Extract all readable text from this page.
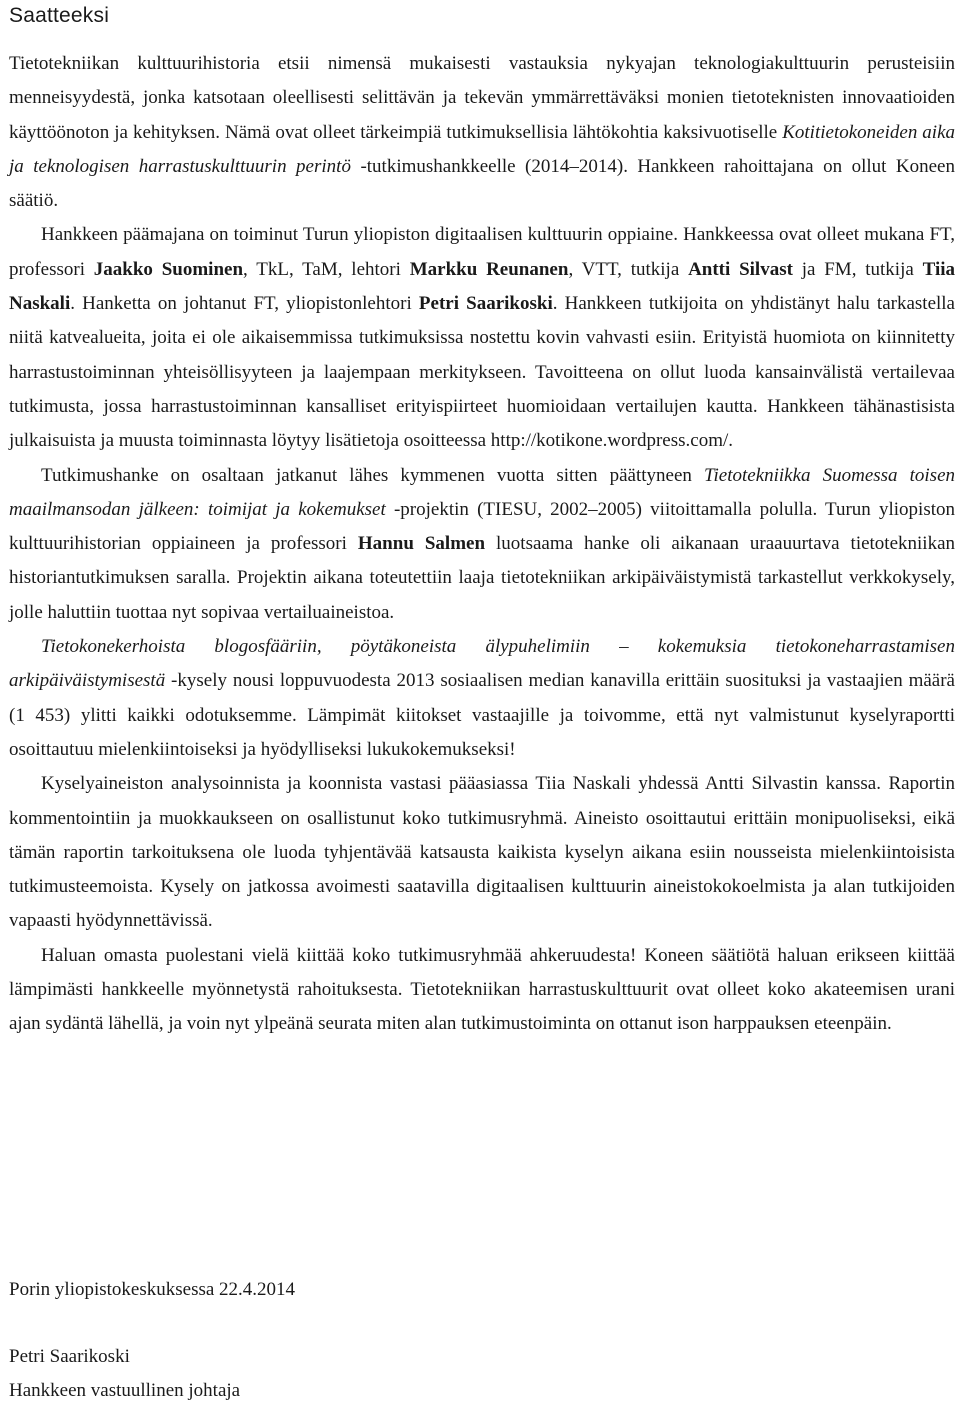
Saatteeksi

Tietotekniikan kulttuurihistoria etsii nimensä mukaisesti vastauksia nykyajan teknologiakulttuurin perusteisiin menneisyydestä, jonka katsotaan oleellisesti selittävän ja tekevän ymmärrettäväksi monien tietoteknisten innovaatioiden käyttöönoton ja kehityksen. Nämä ovat olleet tärkeimpiä tutkimuksellisia lähtökohtia kaksivuotiselle Kotitietokoneiden aika ja teknologisen harrastuskulttuurin perintö -tutkimushankkeelle (2014–2014). Hankkeen rahoittajana on ollut Koneen säätiö.

Hankkeen päämajana on toiminut Turun yliopiston digitaalisen kulttuurin oppiaine. Hankkeessa ovat olleet mukana FT, professori Jaakko Suominen, TkL, TaM, lehtori Markku Reunanen, VTT, tutkija Antti Silvast ja FM, tutkija Tiia Naskali. Hanketta on johtanut FT, yliopistonlehtori Petri Saarikoski. Hankkeen tutkijoita on yhdistänyt halu tarkastella niitä katvealueita, joita ei ole aikaisemmissa tutkimuksissa nostettu kovin vahvasti esiin. Erityistä huomiota on kiinnitetty harrastustoiminnan yhteisöllisyyteen ja laajempaan merkitykseen. Tavoitteena on ollut luoda kansainvälistä vertailevaa tutkimusta, jossa harrastustoiminnan kansalliset erityispiirteet huomioidaan vertailujen kautta. Hankkeen tähänastisista julkaisuista ja muusta toiminnasta löytyy lisätietoja osoitteessa http://kotikone.wordpress.com/.

Tutkimushanke on osaltaan jatkanut lähes kymmenen vuotta sitten päättyneen Tietotekniikka Suomessa toisen maailmansodan jälkeen: toimijat ja kokemukset -projektin (TIESU, 2002–2005) viitoittamalla polulla. Turun yliopiston kulttuurihistorian oppiaineen ja professori Hannu Salmen luotsaama hanke oli aikanaan uraauurtava tietotekniikan historiantutkimuksen saralla. Projektin aikana toteutettiin laaja tietotekniikan arkipäiväistymistä tarkastellut verkkokysely, jolle haluttiin tuottaa nyt sopivaa vertailuaineistoa.

Tietokonekerhoista blogosfääriin, pöytäkoneista älypuhelimiin – kokemuksia tietokoneharrastamisen arkipäiväistymisestä -kysely nousi loppuvuodesta 2013 sosiaalisen median kanavilla erittäin suosituksi ja vastaajien määrä (1 453) ylitti kaikki odotuksemme. Lämpimät kiitokset vastaajille ja toivomme, että nyt valmistunut kyselyraportti osoittautuu mielenkiintoiseksi ja hyödylliseksi lukukokemukseksi!

Kyselyaineiston analysoinnista ja koonnista vastasi pääasiassa Tiia Naskali yhdessä Antti Silvastin kanssa. Raportin kommentointiin ja muokkaukseen on osallistunut koko tutkimusryhmä. Aineisto osoittautui erittäin monipuoliseksi, eikä tämän raportin tarkoituksena ole luoda tyhjentävää katsausta kaikista kyselyn aikana esiin nousseista mielenkiintoisista tutkimusteemoista. Kysely on jatkossa avoimesti saatavilla digitaalisen kulttuurin aineistokokoelmista ja alan tutkijoiden vapaasti hyödynnettävissä.

Haluan omasta puolestani vielä kiittää koko tutkimusryhmää ahkeruudesta! Koneen säätiötä haluan erikseen kiittää lämpimästi hankkeelle myönnetystä rahoituksesta. Tietotekniikan harrastuskulttuurit ovat olleet koko akateemisen urani ajan sydäntä lähellä, ja voin nyt ylpeänä seurata miten alan tutkimustoiminta on ottanut ison harppauksen eteenpäin.

Porin yliopistokeskuksessa 22.4.2014
Petri Saarikoski
Hankkeen vastuullinen johtaja
